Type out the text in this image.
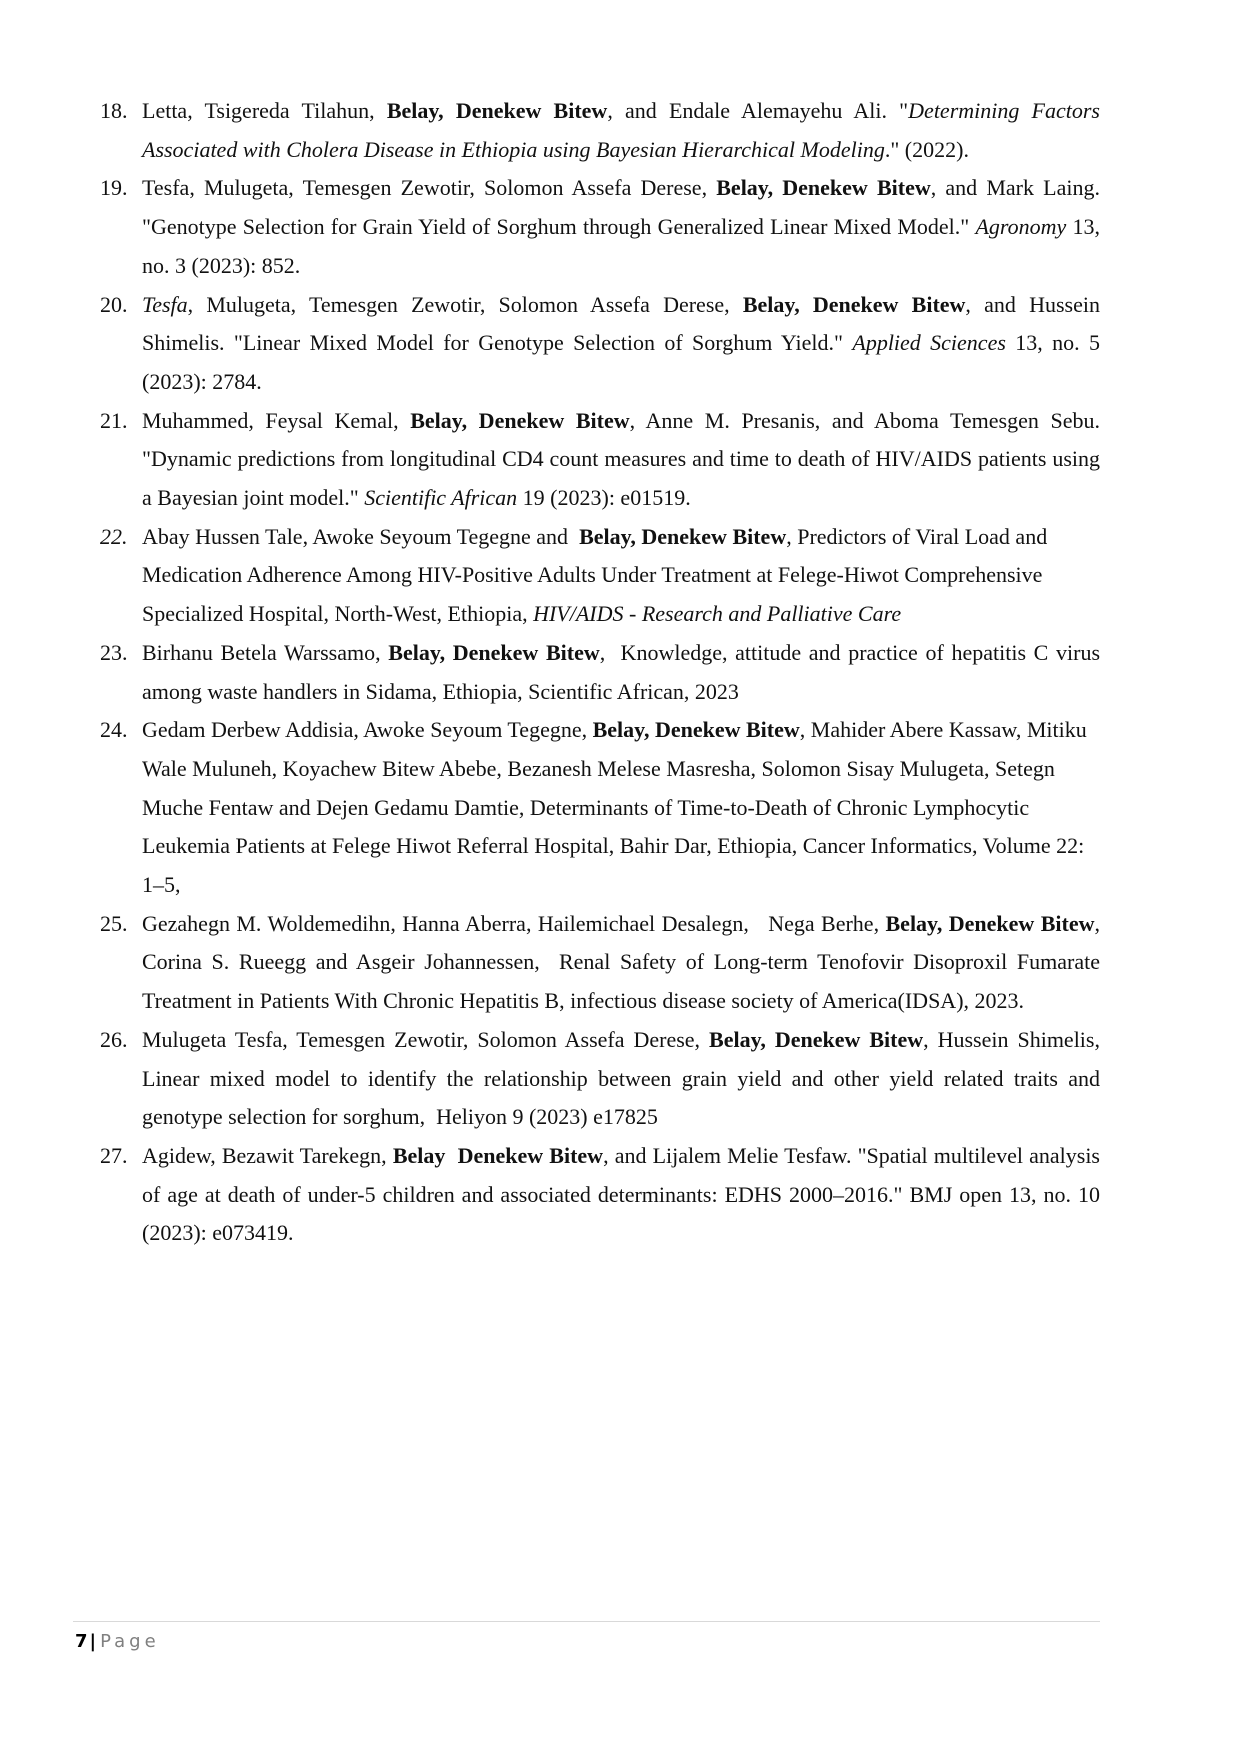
18. Letta, Tsigereda Tilahun, Belay, Denekew Bitew, and Endale Alemayehu Ali. "Determining Factors Associated with Cholera Disease in Ethiopia using Bayesian Hierarchical Modeling." (2022).
19. Tesfa, Mulugeta, Temesgen Zewotir, Solomon Assefa Derese, Belay, Denekew Bitew, and Mark Laing. "Genotype Selection for Grain Yield of Sorghum through Generalized Linear Mixed Model." Agronomy 13, no. 3 (2023): 852.
20. Tesfa, Mulugeta, Temesgen Zewotir, Solomon Assefa Derese, Belay, Denekew Bitew, and Hussein Shimelis. "Linear Mixed Model for Genotype Selection of Sorghum Yield." Applied Sciences 13, no. 5 (2023): 2784.
21. Muhammed, Feysal Kemal, Belay, Denekew Bitew, Anne M. Presanis, and Aboma Temesgen Sebu. "Dynamic predictions from longitudinal CD4 count measures and time to death of HIV/AIDS patients using a Bayesian joint model." Scientific African 19 (2023): e01519.
22. Abay Hussen Tale, Awoke Seyoum Tegegne and  Belay, Denekew Bitew, Predictors of Viral Load and Medication Adherence Among HIV-Positive Adults Under Treatment at Felege-Hiwot Comprehensive Specialized Hospital, North-West, Ethiopia, HIV/AIDS - Research and Palliative Care
23. Birhanu Betela Warssamo, Belay, Denekew Bitew,  Knowledge, attitude and practice of hepatitis C virus among waste handlers in Sidama, Ethiopia, Scientific African, 2023
24. Gedam Derbew Addisia, Awoke Seyoum Tegegne, Belay, Denekew Bitew, Mahider Abere Kassaw, Mitiku Wale Muluneh, Koyachew Bitew Abebe, Bezanesh Melese Masresha, Solomon Sisay Mulugeta, Setegn Muche Fentaw and Dejen Gedamu Damtie, Determinants of Time-to-Death of Chronic Lymphocytic Leukemia Patients at Felege Hiwot Referral Hospital, Bahir Dar, Ethiopia, Cancer Informatics, Volume 22: 1–5,
25. Gezahegn M. Woldemedihn, Hanna Aberra, Hailemichael Desalegn,   Nega Berhe, Belay, Denekew Bitew,  Corina S. Rueegg and Asgeir Johannessen,  Renal Safety of Long-term Tenofovir Disoproxil Fumarate Treatment in Patients With Chronic Hepatitis B, infectious disease society of America(IDSA), 2023.
26. Mulugeta Tesfa, Temesgen Zewotir, Solomon Assefa Derese, Belay, Denekew Bitew, Hussein Shimelis,  Linear mixed model to identify the relationship between grain yield and other yield related traits and genotype selection for sorghum,  Heliyon 9 (2023) e17825
27. Agidew, Bezawit Tarekegn, Belay  Denekew Bitew, and Lijalem Melie Tesfaw. "Spatial multilevel analysis of age at death of under-5 children and associated determinants: EDHS 2000–2016." BMJ open 13, no. 10 (2023): e073419.
7 | Page
